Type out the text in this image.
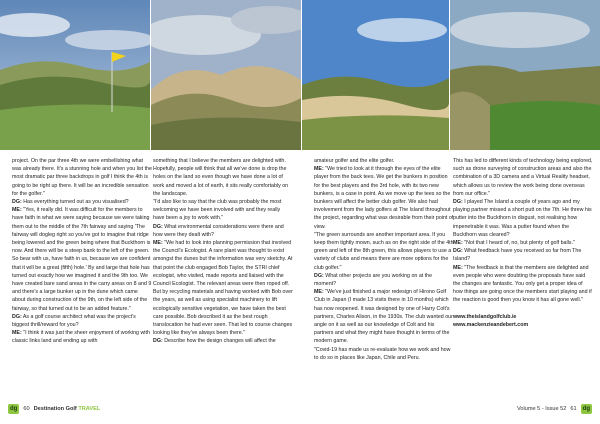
project. On the par three 4th we were embellishing what was already there. It's a stunning hole and when you list the most dramatic par three backdrops in golf I think the 4th is going to be right up there. It will be an incredible sensation for the golfer."

DG: Has everything turned out as you visualised?

ME: "Yes, it really did. It was difficult for the members to have faith in what we were saying because we were taking them out to the middle of the 7th fairway and saying 'The fairway will dogleg right so you've got to imagine that ridge being lowered and the green being where that Buckthorn is now. And there will be a steep bank to the left of the green. So bear with us, have faith in us, because we are confident that it will be a great (fifth) hole.' By and large that hole has turned out exactly how we imagined it and the 9th too. We have created bare sand areas in the carry areas on 8 and 9 and there's a large bunker up in the dune which came about during construction of the 9th, on the left side of the fairway, so that turned out to be an added feature."

DG: As a golf course architect what was the project's biggest thrill/reward for you?

ME: "I think it was just the sheer enjoyment of working with classic links land and ending up with

something that I believe the members are delighted with. Hopefully, people will think that all we've done is drop the holes on the land so even though we have done a lot of work and moved a lot of earth, it sits really comfortably on the landscape.

"I'd also like to say that the club was probably the most welcoming we have been involved with and they really have been a joy to work with."

DG: What environmental considerations were there and how were they dealt with?

ME: "We had to look into planning permission that involved the Council's Ecologist. A rare plant was thought to exist amongst the dunes but the information was very sketchy. At that point the club engaged Bob Taylor, the STRI chief ecologist, who visited, made reports and liaised with the Council Ecologist. The relevant areas were then roped off. But by recycling materials and having worked with Bob over the years, as well as using specialist machinery to lift ecologically sensitive vegetation, we have taken the best care possible. Bob described it as the best rough translocation he had ever seen. That led to course changes looking like they've always been there."

DG: Describe how the design changes will affect the

amateur golfer and the elite golfer.

ME: "We tried to look at it through the eyes of the elite player from the back tees. We get the bunkers in position for the best players and the 3rd hole, with its two new bunkers, is a case in point. As we move up the tees so the bunkers will affect the better club golfer. We also had involvement from the lady golfers at The Island throughout the project, regarding what was desirable from their point of view.

"The green surrounds are another important area. If you keep them tightly mown, such as on the right side of the 4th green and left of the 8th green, this allows players to use a variety of clubs and means there are more options for the club golfer."

DG: What other projects are you working on at the moment?

ME: "We've just finished a major redesign of Hirono Golf Club in Japan (I made 13 visits there in 10 months) which has now reopened. It was designed by one of Harry Colt's partners, Charles Alison, in the 1930s. The club wanted our angle on it as well as our knowledge of Colt and his partners and what they might have thought in terms of the modern game.

"Covid-19 has made us re-evaluate how we work and how to do so in places like Japan, Chile and Peru.

This has led to different kinds of technology being explored, such as drone surveying of construction areas and also the combination of a 3D camera and a Virtual Reality headset, which allows us to review the work being done overseas from our office."

DG: I played The Island a couple of years ago and my playing partner missed a short putt on the 7th. He threw his putter into the Buckthorn in disgust, not realising how impenetrable it was. Was a putter found when the Buckthorn was cleared?

ME: "Not that I heard of, no, but plenty of golf balls."

DG: What feedback have you received so far from The Island?

ME: "The feedback is that the members are delighted and even people who were doubting the proposals have said the changes are fantastic. You only get a proper idea of how things are going once the members start playing and if the reaction is good then you know it has all gone well."

www.theislandgolfclub.ie

www.mackenzieandebert.com

dg	60 Destination Golf
TRAVEL	Volume 5 - Issue 52 61	dg
